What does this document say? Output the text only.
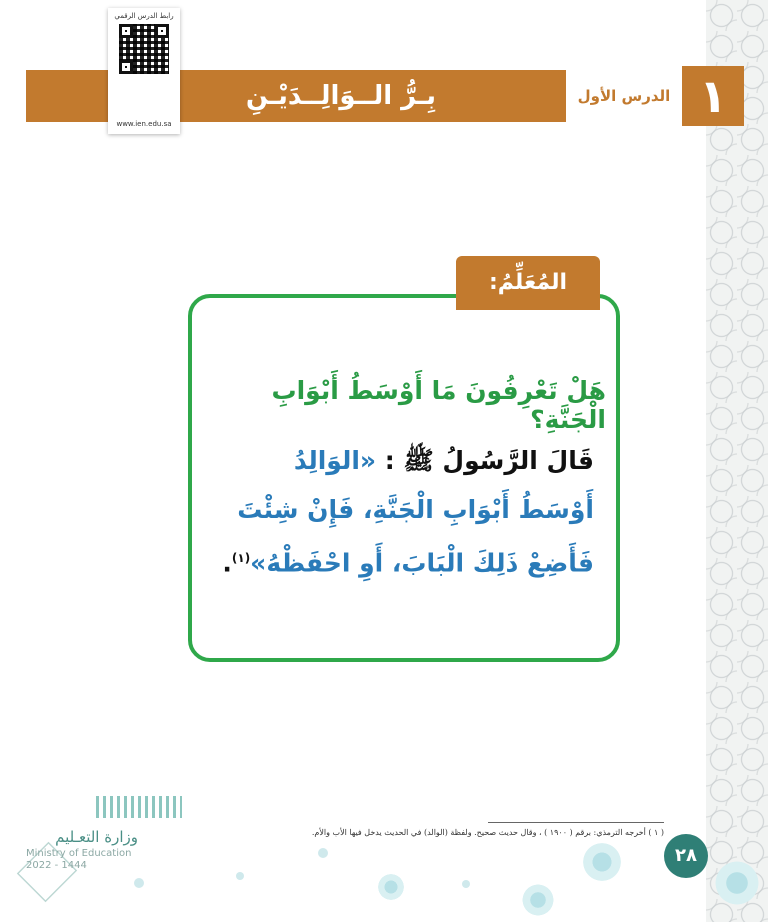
بِـرُّ الــوَالِــدَيْـنِ	الدرس الأول ١
رابط الدرس الرقمي
www.ien.edu.sa
المُعَلِّمُ:
هَلْ تَعْرِفُونَ مَا أَوْسَطُ أَبْوَابِ الْجَنَّةِ؟
قَالَ الرَّسُولُ ﷺ : «الوَالِدُ أَوْسَطُ أَبْوَابِ الْجَنَّةِ، فَإِنْ شِئْتَ فَأَضِعْ ذَلِكَ الْبَابَ، أَوِ احْفَظْهُ»$^{(١)}$.
( ١ ) أخرجه الترمذي: برقم ( ١٩٠٠ ) ، وقال حديث صحيح. ولفظة (الوالد) في الحديث يدخل فيها الأب والأم.
٢٨
وزارة التعـليم
Ministry of Education
2022 - 1444
